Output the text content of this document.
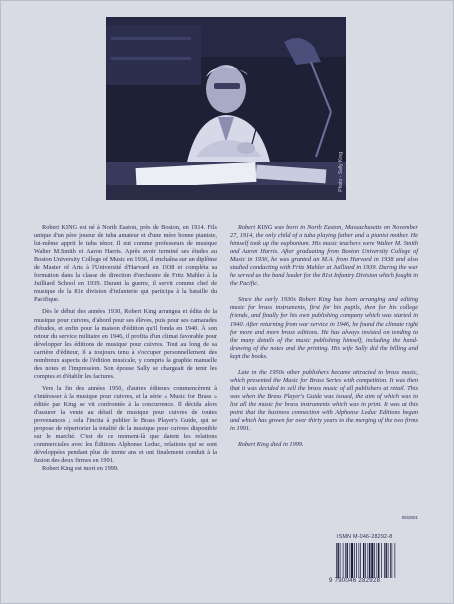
Photo - Sally King

Robert KING est né à North Easton, près de Boston, en 1914. Fils unique d'un père joueur de tuba amateur et d'une mère bonne pianiste, lui-même apprit le tuba ténor. Il eut comme professeurs de musique Walter M.Smith et Aaron Harris. Après avoir terminé ses études au Boston University College of Music en 1936, il enchaîna sur un diplôme de Master of Arts à l'Université d'Harvard en 1938 et compléta sa formation dans la classe de direction d'orchestre de Fritz Mahler à la Juilliard School en 1939. Durant la guerre, il servit comme chef de musique de la 81e division d'infanterie qui participa à la bataille du Pacifique.

Dès le début des années 1930, Robert King arrangea et édita de la musique pour cuivres, d'abord pour ses élèves, puis pour ses camarades d'études, et enfin pour la maison d'édition qu'il fonda en 1940. À son retour du service militaire en 1946, il profita d'un climat favorable pour développer les éditions de musique pour cuivres. Tout au long de sa carrière d'éditeur, il a toujours tenu à s'occuper personnellement des nombreux aspects de l'édition musicale, y compris la graphie manuelle des notes et l'impression. Son épouse Sally se chargeait de tenir les comptes et d'établir les factures.

Vers la fin des années 1950, d'autres éditeurs commencèrent à s'intéresser à la musique pour cuivres, et la série « Music for Brass » éditée par King se vit confrontée à la concurrence. Il décida alors d'assurer la vente au détail de musique pour cuivres de toutes provenances ; cela l'incita à publier le Brass Player's Guide, qui se propose de répertorier la totalité de la musique pour cuivres disponible sur le marché. C'est de ce moment-là que datent les relations commerciales avec les Éditions Alphonse Leduc, relations qui se sont développées pendant plus de trente ans et ont finalement conduit à la fusion des deux firmes en 1991.

Robert King est mort en 1999.

Robert KING was born in North Easton, Massachusetts on November 27, 1914, the only child of a tuba playing father and a pianist mother. He himself took up the euphonium. His music teachers were Walter M. Smith and Aaron Harris. After graduating from Boston University College of Music in 1936, he was granted an M.A. from Harvard in 1938 and also studied conducting with Fritz Mahler at Juilliard in 1939. During the war he served as the band leader for the 81st Infantry Division which fought in the Pacific.

Since the early 1930s Robert King has been arranging and editing music for brass instruments, first for his pupils, then for his college friends, and finally for his own publishing company which was started in 1940. After returning from war service in 1946, he found the climate right for more and more brass editions. He has always insisted on tending to the many details of the music publishing himself, including the hand-drawing of the notes and the printing. His wife Sally did the billing and kept the books.

Late in the 1950s other publishers became attracted to brass music, which presented the Music for Brass Series with competition. It was then that it was decided to sell the brass music of all publishers at retail. This was when the Brass Player's Guide was issued, the aim of which was to list all the music for brass instruments which was in print. It was at this point that the business connection with Alphonse Leduc Editions began and which has grown for over thirty years to the merging of the two firms in 1991.

Robert King died in 1999.

05/2001
ISMN M-046-28292-8
9 790046 282928
